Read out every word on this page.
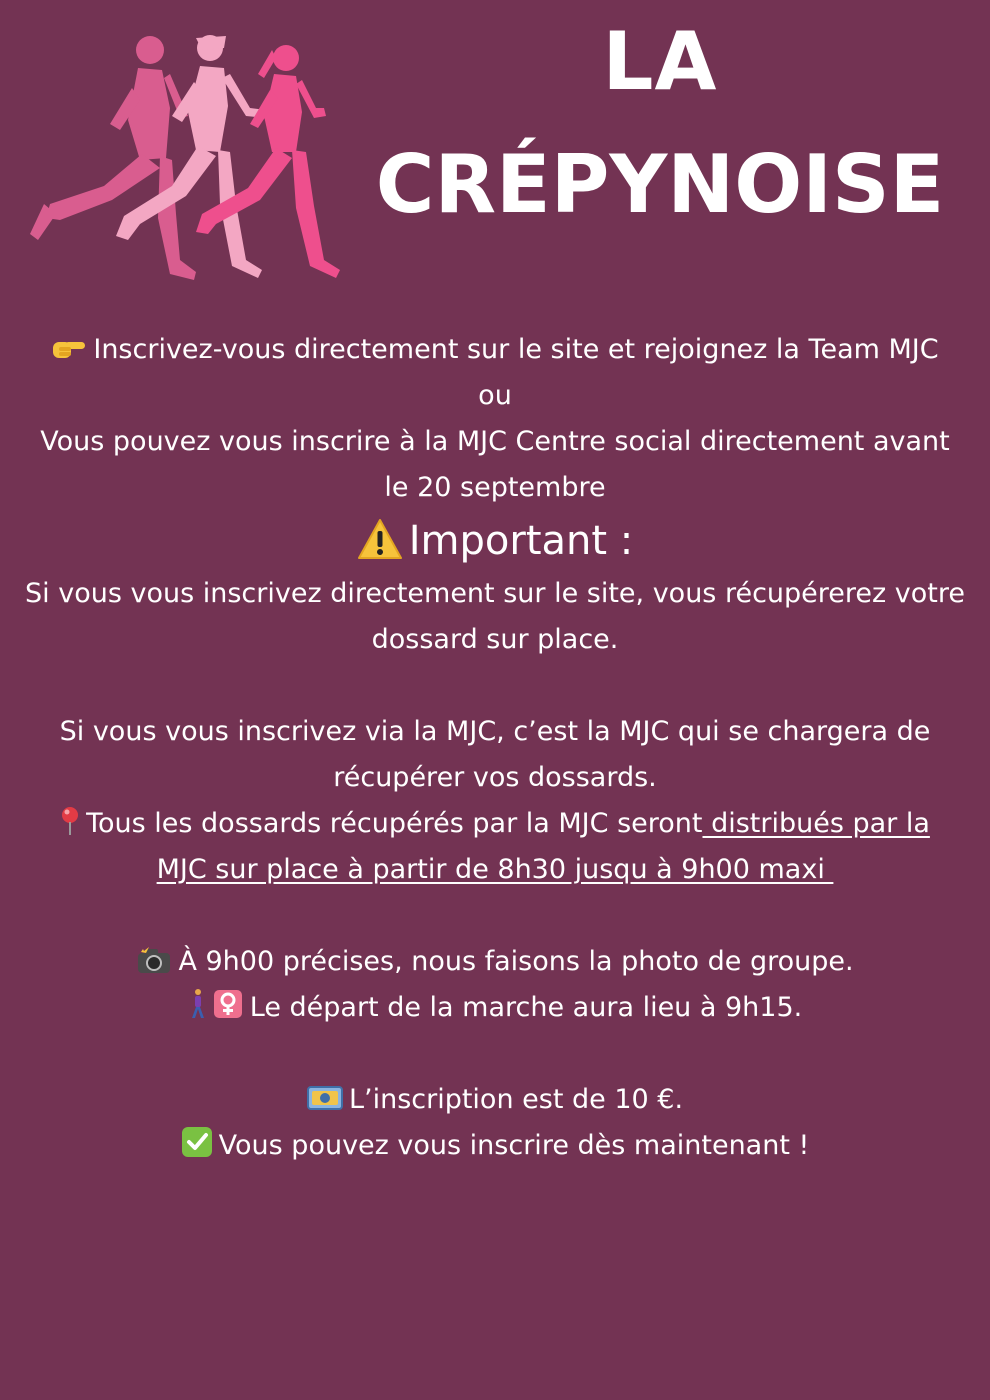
LA
CRÉPYNOISE

Inscrivez-vous directement sur le site et rejoignez la Team MJC

ou

Vous pouvez vous inscrire à la MJC Centre social directement avant

le 20 septembre

Important :

Si vous vous inscrivez directement sur le site, vous récupérerez votre

dossard sur place.

Si vous vous inscrivez via la MJC, c’est la MJC qui se chargera de

récupérer vos dossards.

Tous les dossards récupérés par la MJC seront distribués par la

MJC sur place à partir de 8h30 jusqu à 9h00 maxi

À 9h00 précises, nous faisons la photo de groupe.

Le départ de la marche aura lieu à 9h15.

L’inscription est de 10 €.

Vous pouvez vous inscrire dès maintenant !
